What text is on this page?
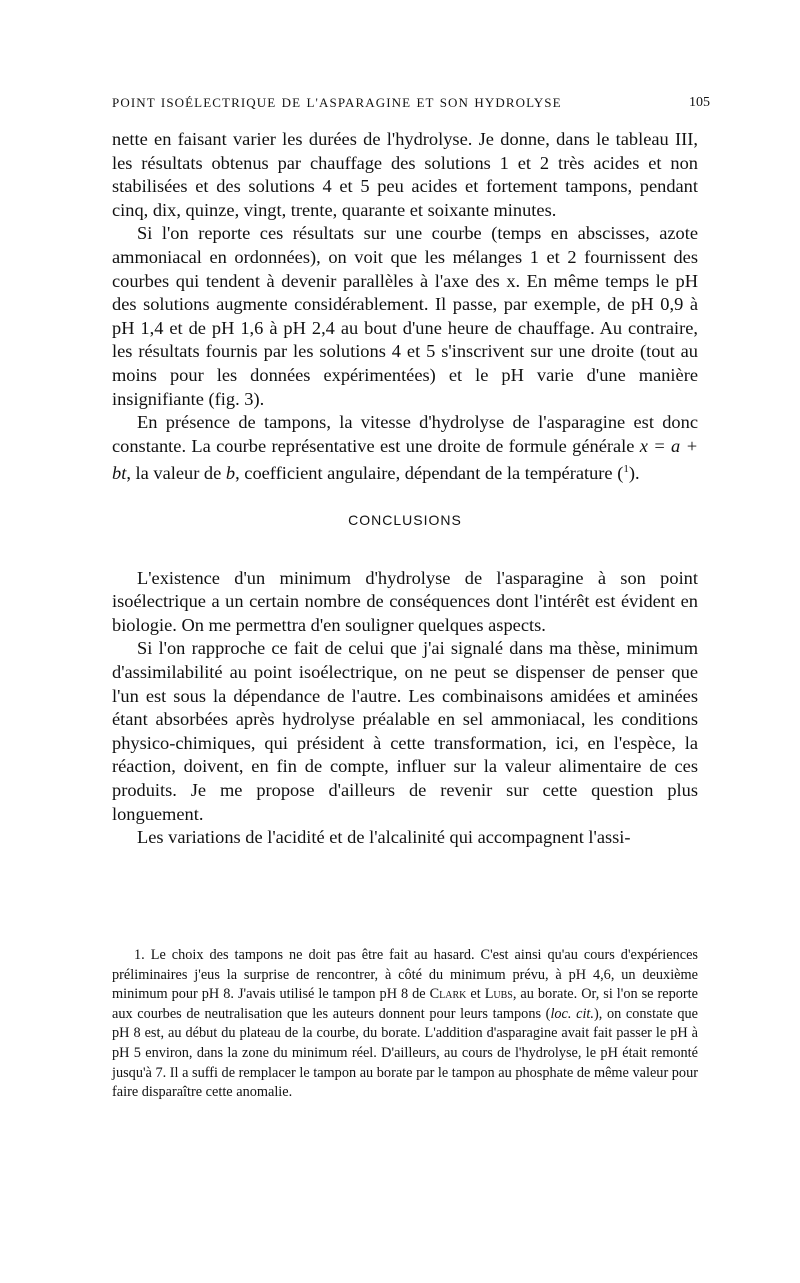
POINT ISOÉLECTRIQUE DE L'ASPARAGINE ET SON HYDROLYSE	105

nette en faisant varier les durées de l'hydrolyse. Je donne, dans le tableau III, les résultats obtenus par chauffage des solutions 1 et 2 très acides et non stabilisées et des solutions 4 et 5 peu acides et fortement tampons, pendant cinq, dix, quinze, vingt, trente, quarante et soixante minutes.

Si l'on reporte ces résultats sur une courbe (temps en abscisses, azote ammoniacal en ordonnées), on voit que les mélanges 1 et 2 fournissent des courbes qui tendent à devenir parallèles à l'axe des x. En même temps le pH des solutions augmente considérablement. Il passe, par exemple, de pH 0,9 à pH 1,4 et de pH 1,6 à pH 2,4 au bout d'une heure de chauffage. Au contraire, les résultats fournis par les solutions 4 et 5 s'inscrivent sur une droite (tout au moins pour les données expérimentées) et le pH varie d'une manière insignifiante (fig. 3).

En présence de tampons, la vitesse d'hydrolyse de l'asparagine est donc constante. La courbe représentative est une droite de formule générale x = a + bt, la valeur de b, coefficient angulaire, dépendant de la température ($^1$).

CONCLUSIONS

L'existence d'un minimum d'hydrolyse de l'asparagine à son point isoélectrique a un certain nombre de conséquences dont l'intérêt est évident en biologie. On me permettra d'en souligner quelques aspects.

Si l'on rapproche ce fait de celui que j'ai signalé dans ma thèse, minimum d'assimilabilité au point isoélectrique, on ne peut se dispenser de penser que l'un est sous la dépendance de l'autre. Les combinaisons amidées et aminées étant absorbées après hydrolyse préalable en sel ammoniacal, les conditions physico-chimiques, qui président à cette transformation, ici, en l'espèce, la réaction, doivent, en fin de compte, influer sur la valeur alimentaire de ces produits. Je me propose d'ailleurs de revenir sur cette question plus longuement.

Les variations de l'acidité et de l'alcalinité qui accompagnent l'assi-

1. Le choix des tampons ne doit pas être fait au hasard. C'est ainsi qu'au cours d'expériences préliminaires j'eus la surprise de rencontrer, à côté du minimum prévu, à pH 4,6, un deuxième minimum pour pH 8. J'avais utilisé le tampon pH 8 de Clark et Lubs, au borate. Or, si l'on se reporte aux courbes de neutralisation que les auteurs donnent pour leurs tampons (loc. cit.), on constate que pH 8 est, au début du plateau de la courbe, du borate. L'addition d'asparagine avait fait passer le pH à pH 5 environ, dans la zone du minimum réel. D'ailleurs, au cours de l'hydrolyse, le pH était remonté jusqu'à 7. Il a suffi de remplacer le tampon au borate par le tampon au phosphate de même valeur pour faire disparaître cette anomalie.
